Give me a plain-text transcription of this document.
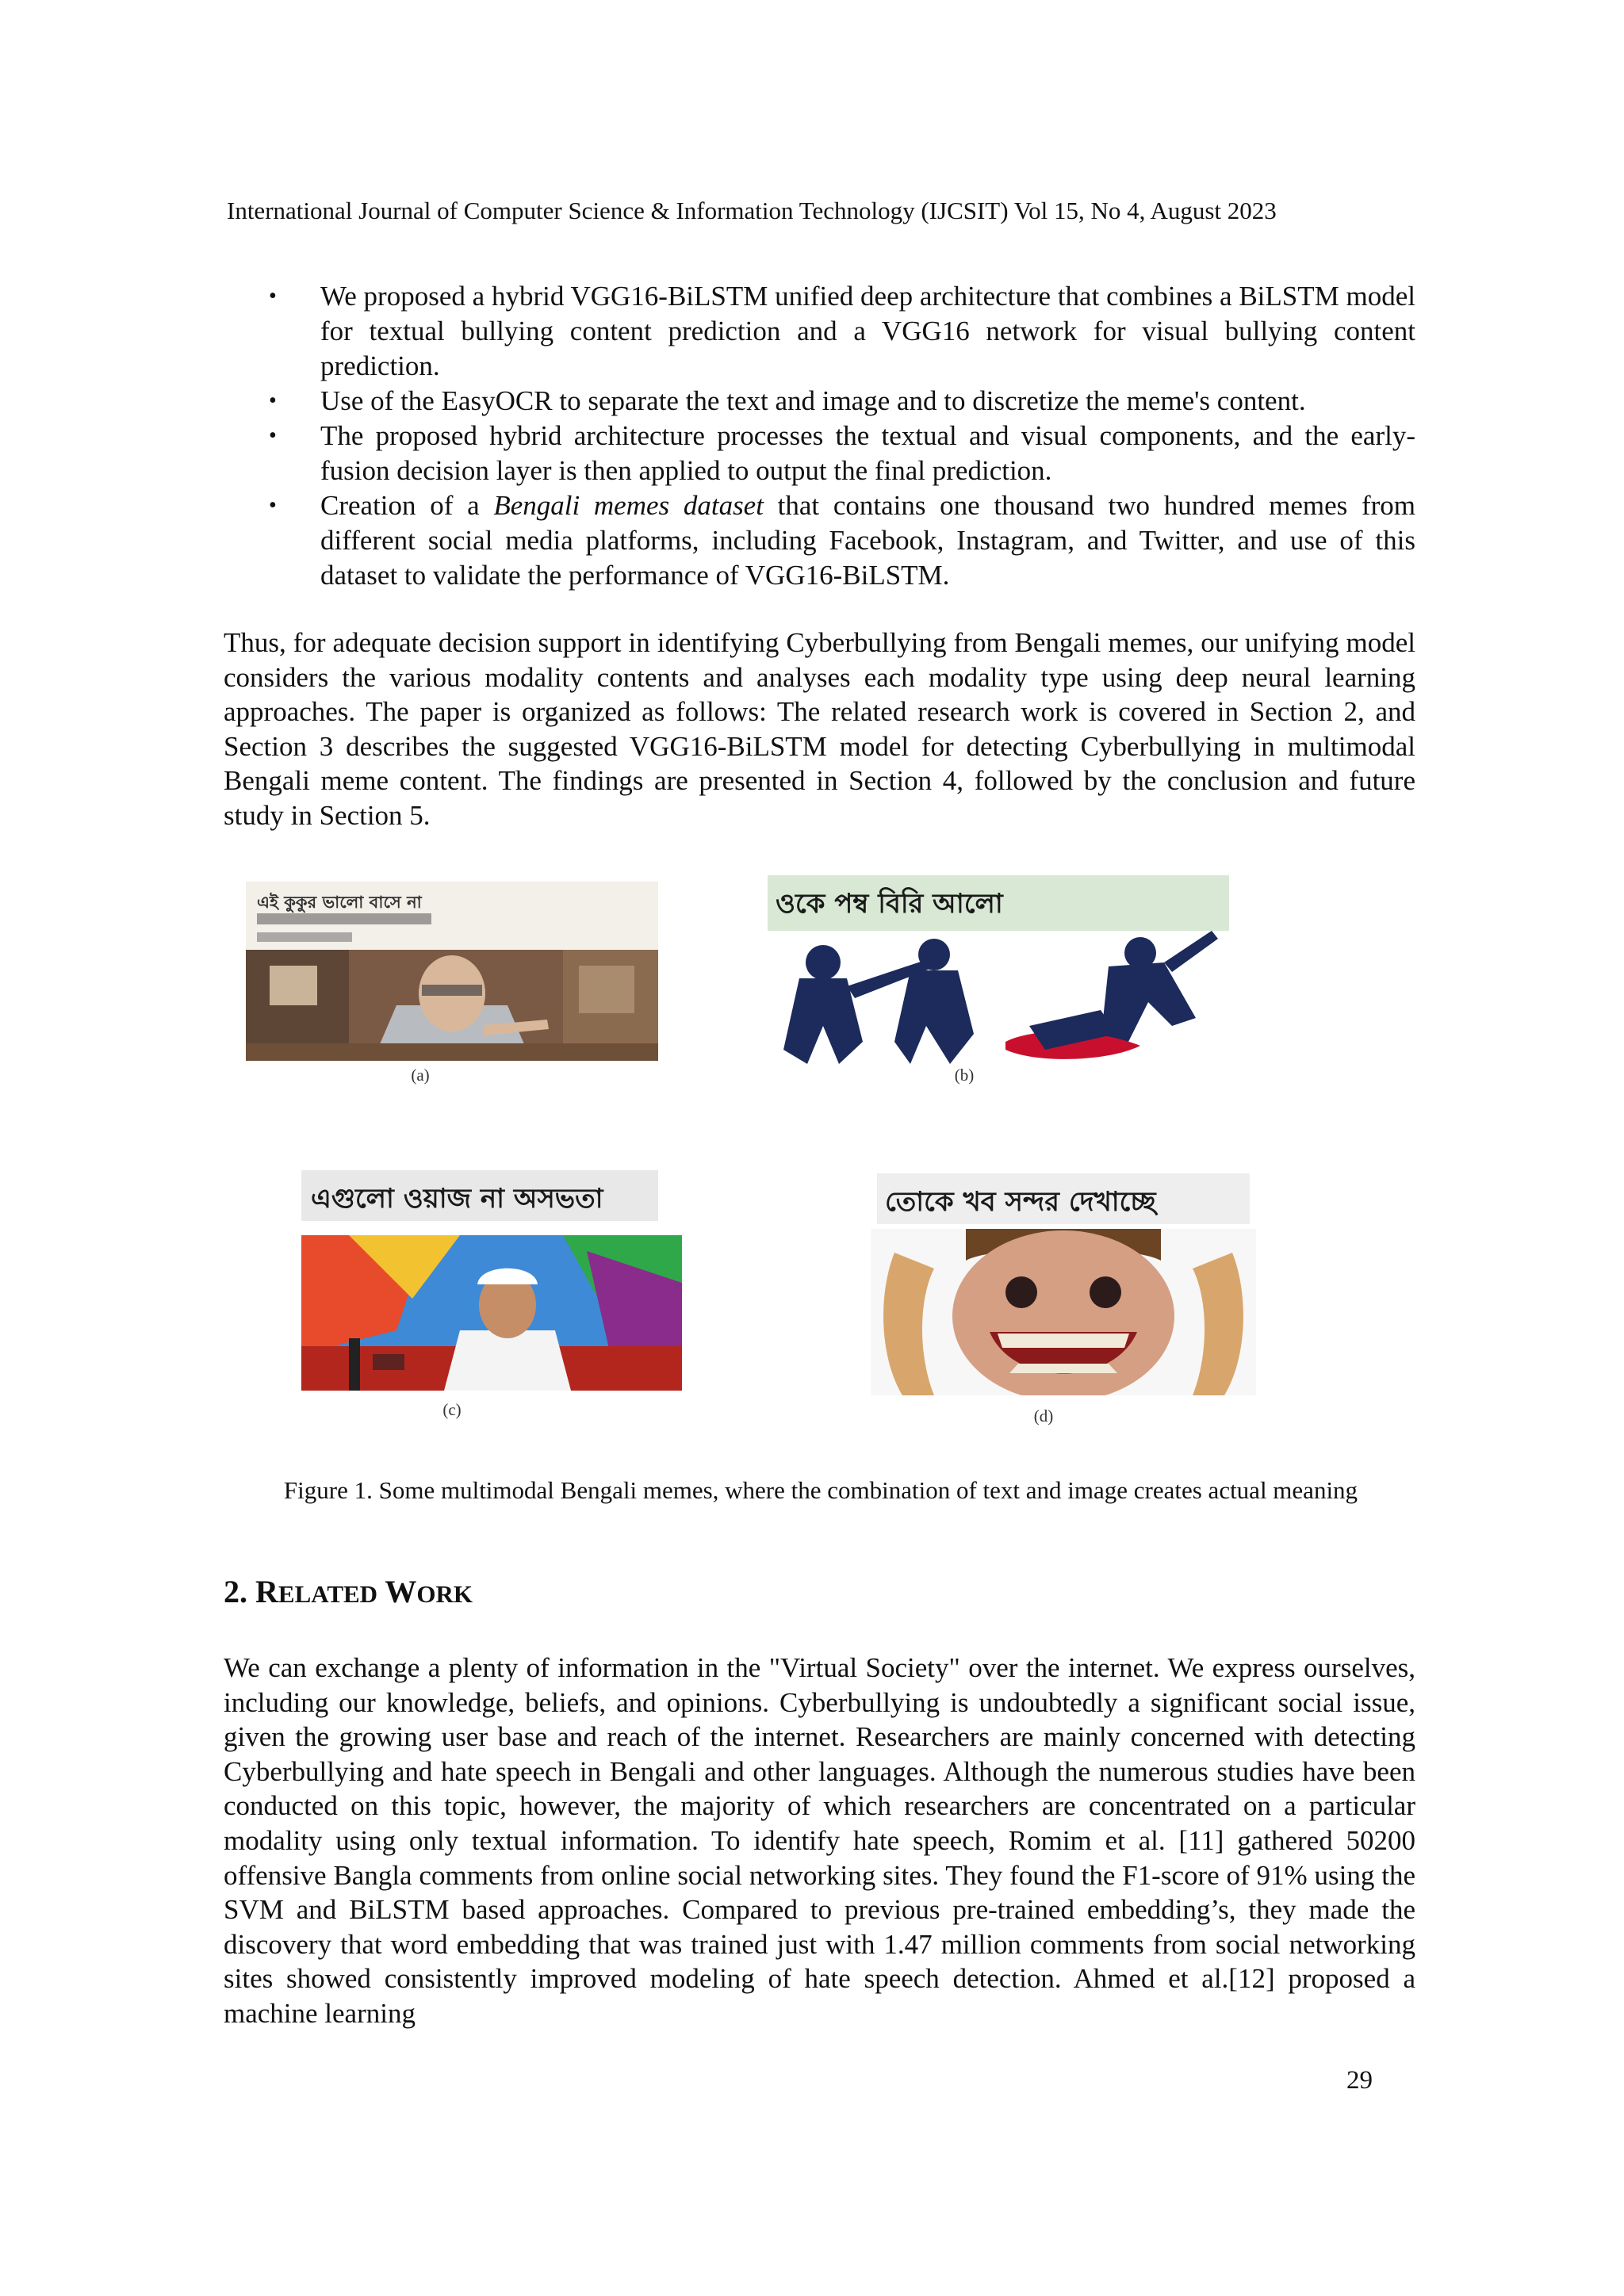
International Journal of Computer Science & Information Technology (IJCSIT) Vol 15, No 4, August 2023
•	We proposed a hybrid VGG16-BiLSTM unified deep architecture that combines a BiLSTM model for textual bullying content prediction and a VGG16 network for visual bullying content prediction.
•	Use of the EasyOCR to separate the text and image and to discretize the meme's content.
•	The proposed hybrid architecture processes the textual and visual components, and the early-fusion decision layer is then applied to output the final prediction.
•	Creation of a Bengali memes dataset that contains one thousand two hundred memes from different social media platforms, including Facebook, Instagram, and Twitter, and use of this dataset to validate the performance of VGG16-BiLSTM.
Thus, for adequate decision support in identifying Cyberbullying from Bengali memes, our unifying model considers the various modality contents and analyses each modality type using deep neural learning approaches. The paper is organized as follows: The related research work is covered in Section 2, and Section 3 describes the suggested VGG16-BiLSTM model for detecting Cyberbullying in multimodal Bengali meme content. The findings are presented in Section 4, followed by the conclusion and future study in Section 5.
এই কুকুর ভালো বাসে না
(a)
ওকে পম্ব বিরি আলো
(b)
এগুলো ওয়াজ না অসভতা
(c)
তোকে খব সন্দর দেখাচ্ছে
(d)
Figure 1. Some multimodal Bengali memes, where the combination of text and image creates actual meaning
2. RELATED WORK
We can exchange a plenty of information in the "Virtual Society" over the internet. We express ourselves, including our knowledge, beliefs, and opinions. Cyberbullying is undoubtedly a significant social issue, given the growing user base and reach of the internet. Researchers are mainly concerned with detecting Cyberbullying and hate speech in Bengali and other languages. Although the numerous studies have been conducted on this topic, however, the majority of which researchers are concentrated on a particular modality using only textual information. To identify hate speech, Romim et al. [11] gathered 50200 offensive Bangla comments from online social networking sites. They found the F1-score of 91% using the SVM and BiLSTM based approaches. Compared to previous pre-trained embedding’s, they made the discovery that word embedding that was trained just with 1.47 million comments from social networking sites showed consistently improved modeling of hate speech detection. Ahmed et al.[12] proposed a machine learning
29
